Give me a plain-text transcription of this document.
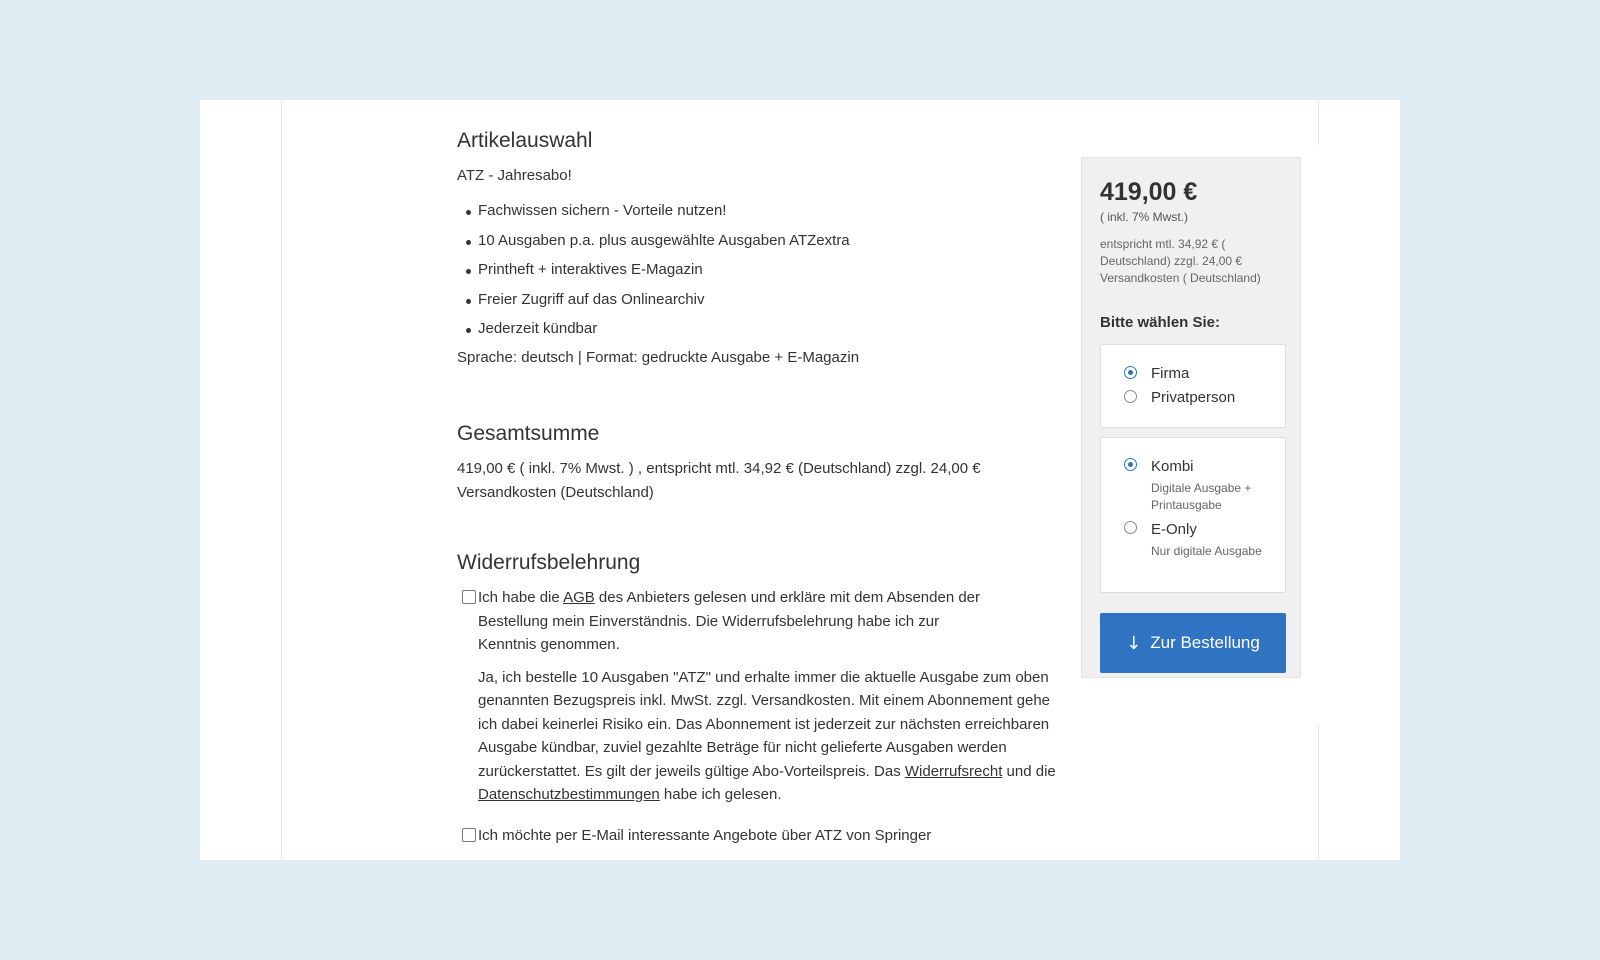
Artikelauswahl
ATZ - Jahresabo!
Fachwissen sichern - Vorteile nutzen!
10 Ausgaben p.a. plus ausgewählte Ausgaben ATZextra
Printheft + interaktives E-Magazin
Freier Zugriff auf das Onlinearchiv
Jederzeit kündbar
Sprache: deutsch | Format: gedruckte Ausgabe + E-Magazin
Gesamtsumme
419,00 € ( inkl. 7% Mwst. ) , entspricht mtl. 34,92 € (Deutschland) zzgl. 24,00 € Versandkosten (Deutschland)
Widerrufsbelehrung
Ich habe die AGB des Anbieters gelesen und erkläre mit dem Absenden der Bestellung mein Einverständnis. Die Widerrufsbelehrung habe ich zur Kenntnis genommen.
Ja, ich bestelle 10 Ausgaben "ATZ" und erhalte immer die aktuelle Ausgabe zum oben genannten Bezugspreis inkl. MwSt. zzgl. Versandkosten. Mit einem Abonnement gehe ich dabei keinerlei Risiko ein. Das Abonnement ist jederzeit zur nächsten erreichbaren Ausgabe kündbar, zuviel gezahlte Beträge für nicht gelieferte Ausgaben werden zurückerstattet. Es gilt der jeweils gültige Abo-Vorteilspreis. Das Widerrufsrecht und die Datenschutzbestimmungen habe ich gelesen.
Ich möchte per E-Mail interessante Angebote über ATZ von Springer
419,00 €
( inkl. 7% Mwst.)
entspricht mtl. 34,92 € ( Deutschland) zzgl. 24,00 € Versandkosten ( Deutschland)
Bitte wählen Sie:
Firma
Privatperson
Kombi
Digitale Ausgabe + Printausgabe
E-Only
Nur digitale Ausgabe
↓ Zur Bestellung
